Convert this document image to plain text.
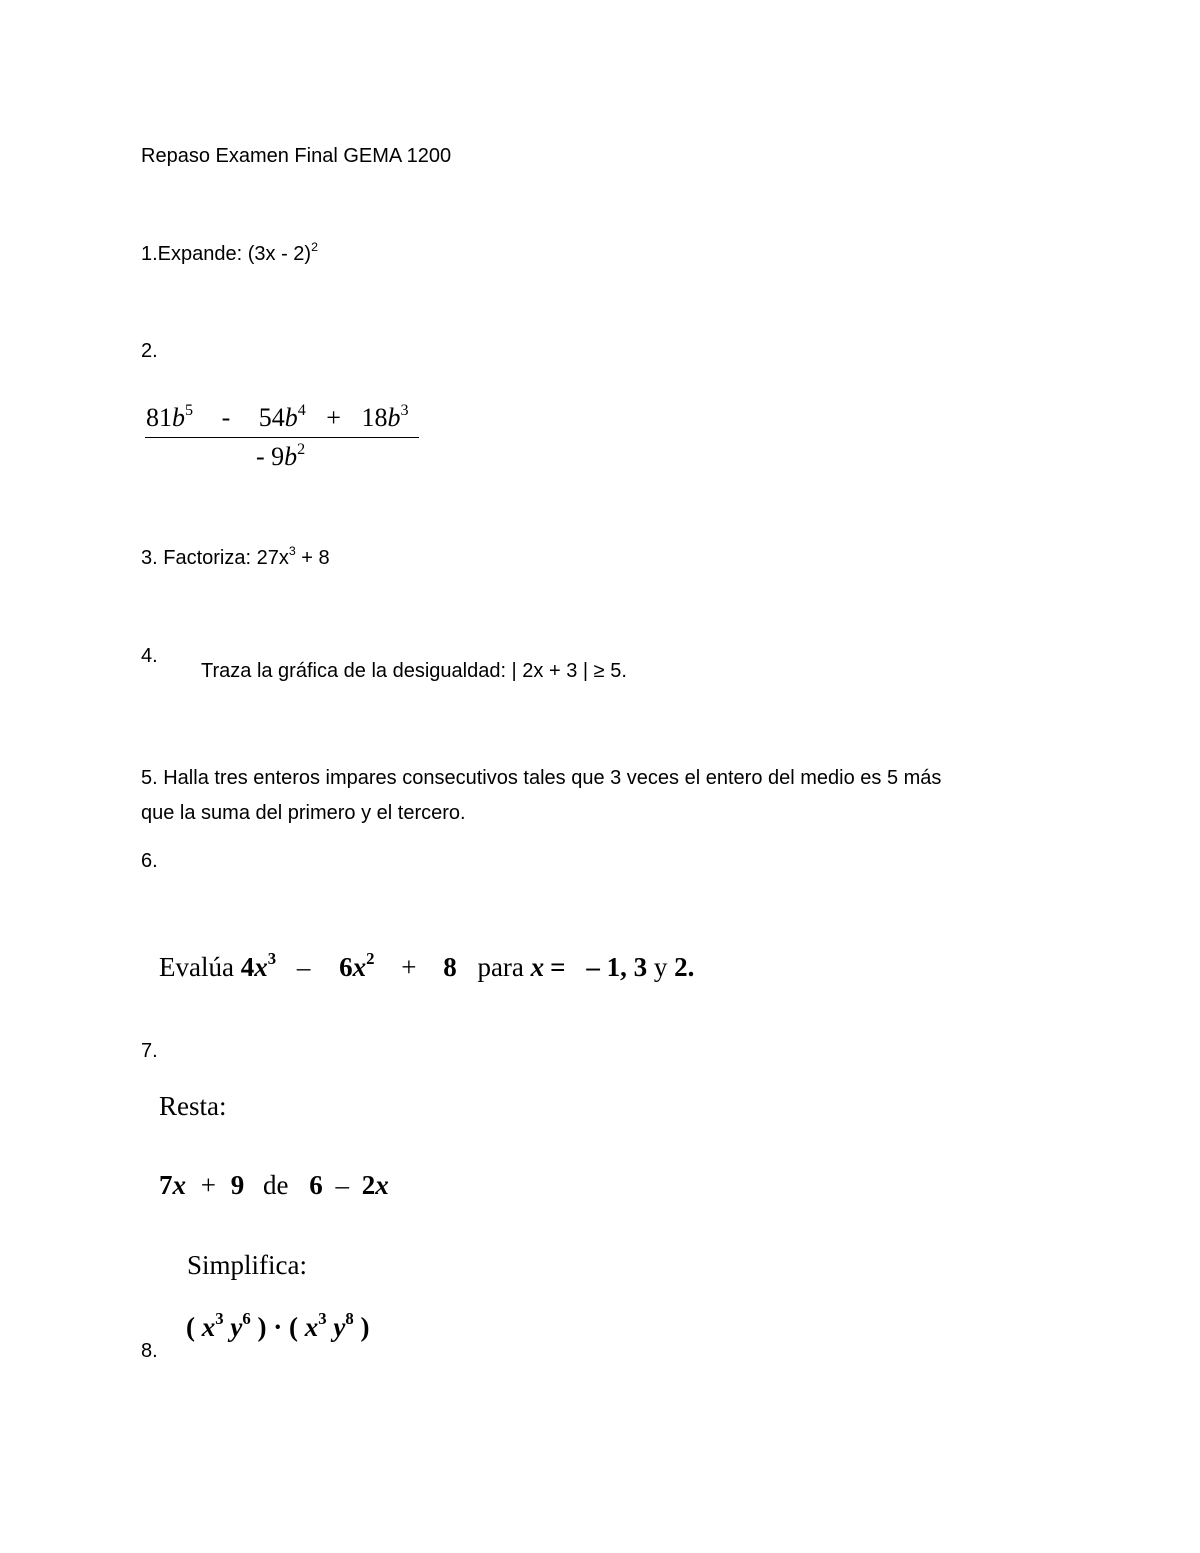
Repaso Examen Final GEMA 1200
1.Expande: (3x - 2)$^2$
2.
$81b^5 - 54b^4 + 18b^3$
- $9b^2$
3. Factoriza: $27x^3 + 8$
4.
Traza la gráfica de la desigualdad: | 2x + 3 | ≥ 5.
5. Halla tres enteros impares consecutivos tales que 3 veces el entero del medio es 5 más
que la suma del primero y el tercero.
6.
Evalúa $4x^3 - 6x^2 + 8$ para x = – 1, 3 y 2.
7.
Resta:
7x + 9 de 6 – 2x
Simplifica:
( $x^3$ $y^6$ ) · ( $x^3$ $y^8$ )
8.
